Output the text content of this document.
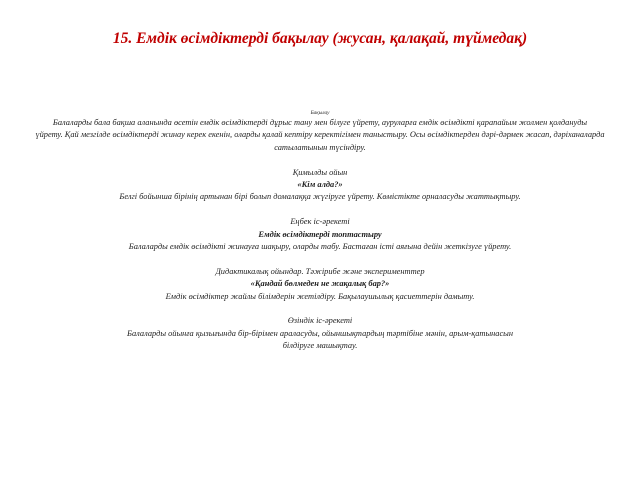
15. Емдік өсімдіктерді бақылау (жусан, қалақай, түймедақ)

Бақылау

Балаларды бала бақша аланында өсетін емдік өсімдіктерді дұрыс тану мен білуге үйрету, ауруларға емдік өсімдікті қарапайым жолмен қолдануды

үйрету. Қай мезгілде өсімдіктерді жинау керек екенін, оларды қалай кептіру керектігімен таныстыру. Осы өсімдіктерден дәрі-дәрмек жасап, дәріханаларда

сатылатынын түсіндіру.

Қимылды ойын

«Кім алда?»

Белгі бойынша бірінің артынан бірі болып домалаққа жүгіруге үйрету. Көмістікте орналасуды жаттықтыру.

Еңбек іс-әрекеті

Емдік өсімдіктерді топтастыру

Балаларды емдік өсімдікті жинауға шақыру, оларды табу. Бастаған істі аяғына дейін жеткізуге үйрету.

Дидактикалық ойындар. Тәжірибе және эксперименттер

«Қандай бөлмеден не жақалық бар?»

Емдік өсімдіктер жайлы білімдерін жетілдіру. Бақылаушылық қасиеттерін дамыту.

Өзіндік іс-әрекеті

Балаларды ойынға қызығында бір-бірімен араласуды, ойыншықтардың тәртібіне мәнін, арым-қатынасын

білдіруге машықтау.
